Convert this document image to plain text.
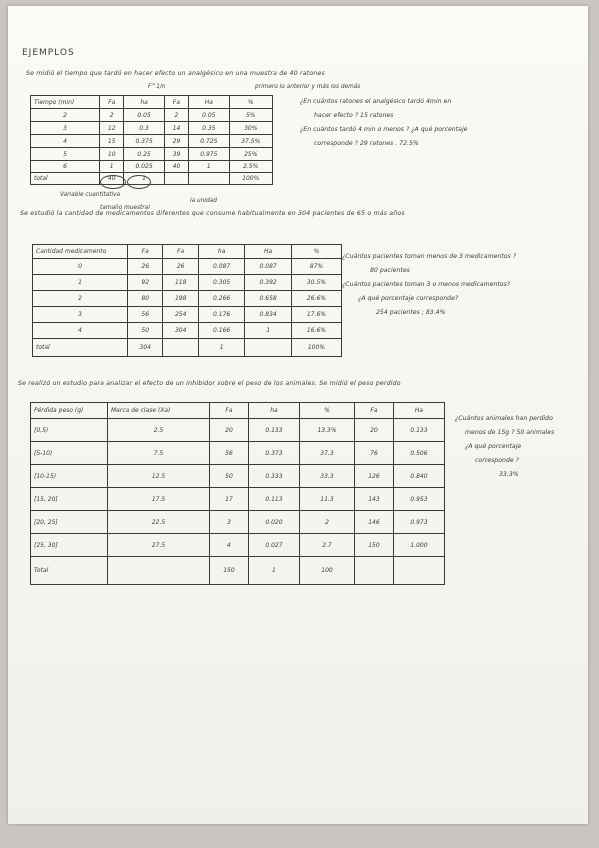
EJEMPLOS
Se midió el tiempo que tardó en hacer efecto un analgésico en una muestra de 40 ratones
F^1/n	primero lo anterior y más los demás
Tiempo (min)	Fa	ha	Fa	Ha	%
2	2	0.05	2	0.05	5%
3	12	0.3	14	0.35	30%
4	15	0.375	29	0.725	37.5%
5	10	0.25	39	0.975	25%
6	1	0.025	40	1	2.5%
total	40	1			100%
Variable cuantitativa
tamaño muestral
la unidad
¿En cuántos ratones el analgésico tardó 4min en
hacer efecto ? 15 ratones
¿En cuántos tardó 4 min o menos ? ¿A qué porcentaje
corresponde ? 29 ratones . 72.5%
Se estudió la cantidad de medicamentos diferentes que consume habitualmente en 304 pacientes de 65 o más años
Cantidad medicamento	Fa	Fa	ha	Ha	%
0	26	26	0.087	0.087	87%
1	92	118	0.305	0.392	30.5%
2	80	198	0.266	0.658	26.6%
3	56	254	0.176	0.834	17.6%
4	50	304	0.166	1	16.6%
total	304		1		100%
¿Cuántos pacientes toman menos de 3 medicamentos ?
80 pacientes
¿Cuántos pacientes toman 3 o menos medicamentos?
¿A qué porcentaje corresponde?
254 pacientes ; 83.4%
Se realizó un estudio para analizar el efecto de un inhibidor sobre el peso de los animales. Se midió el peso perdido
Pérdida peso (g)	Marca de clase (Xa)	Fa	ha	%	Fa	Ha
[0,5)	2.5	20	0.133	13.3%	20	0.133
[5-10)	7.5	56	0.373	37.3	76	0.506
[10-15)	12.5	50	0.333	33.3	126	0.840
[15, 20]	17.5	17	0.113	11.3	143	0.953
[20, 25]	22.5	3	0.020	2	146	0.973
[25, 30]	27.5	4	0.027	2.7	150	1.000
Total		150	1	100		
¿Cuántos animales han perdido
menos de 15g ? 50 animales
¿A qué porcentaje
corresponde ?
33.3%
